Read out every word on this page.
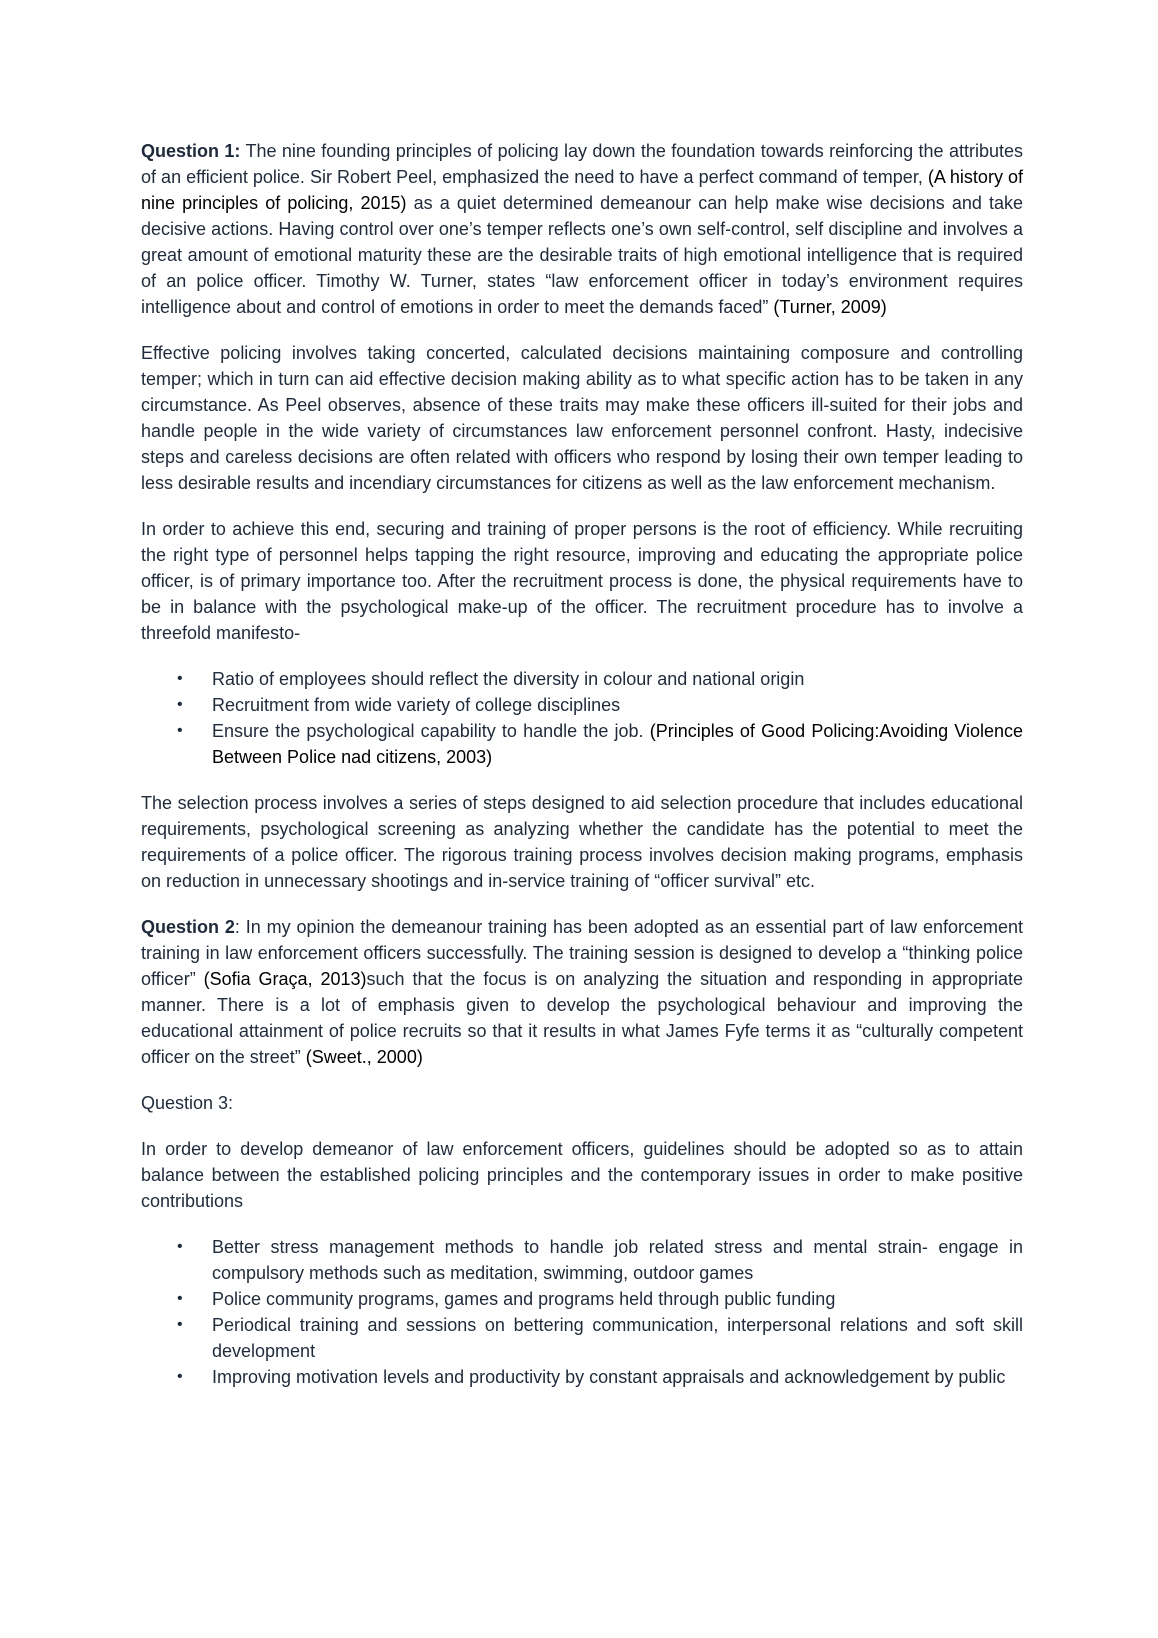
Question 1: The nine founding principles of policing lay down the foundation towards reinforcing the attributes of an efficient police. Sir Robert Peel, emphasized the need to have a perfect command of temper, (A history of nine principles of policing, 2015) as a quiet determined demeanour can help make wise decisions and take decisive actions. Having control over one’s temper reflects one’s own self-control, self discipline and involves a great amount of emotional maturity these are the desirable traits of high emotional intelligence that is required of an police officer. Timothy W. Turner, states “law enforcement officer in today’s environment requires intelligence about and control of emotions in order to meet the demands faced” (Turner, 2009)

Effective policing involves taking concerted, calculated decisions maintaining composure and controlling temper; which in turn can aid effective decision making ability as to what specific action has to be taken in any circumstance. As Peel observes, absence of these traits may make these officers ill-suited for their jobs and handle people in the wide variety of circumstances law enforcement personnel confront. Hasty, indecisive steps and careless decisions are often related with officers who respond by losing their own temper leading to less desirable results and incendiary circumstances for citizens as well as the law enforcement mechanism.

In order to achieve this end, securing and training of proper persons is the root of efficiency. While recruiting the right type of personnel helps tapping the right resource, improving and educating the appropriate police officer, is of primary importance too. After the recruitment process is done, the physical requirements have to be in balance with the psychological make-up of the officer. The recruitment procedure has to involve a threefold manifesto-

• Ratio of employees should reflect the diversity in colour and national origin
• Recruitment from wide variety of college disciplines
• Ensure the psychological capability to handle the job. (Principles of Good Policing:Avoiding Violence Between Police nad citizens, 2003)

The selection process involves a series of steps designed to aid selection procedure that includes educational requirements, psychological screening as analyzing whether the candidate has the potential to meet the requirements of a police officer. The rigorous training process involves decision making programs, emphasis on reduction in unnecessary shootings and in-service training of “officer survival” etc.

Question 2: In my opinion the demeanour training has been adopted as an essential part of law enforcement training in law enforcement officers successfully. The training session is designed to develop a “thinking police officer” (Sofia Graça, 2013)such that the focus is on analyzing the situation and responding in appropriate manner. There is a lot of emphasis given to develop the psychological behaviour and improving the educational attainment of police recruits so that it results in what James Fyfe terms it as “culturally competent officer on the street” (Sweet., 2000)

Question 3:

In order to develop demeanor of law enforcement officers, guidelines should be adopted so as to attain balance between the established policing principles and the contemporary issues in order to make positive contributions

• Better stress management methods to handle job related stress and mental strain- engage in compulsory methods such as meditation, swimming, outdoor games
• Police community programs, games and programs held through public funding
• Periodical training and sessions on bettering communication, interpersonal relations and soft skill development
• Improving motivation levels and productivity by constant appraisals and acknowledgement by public
